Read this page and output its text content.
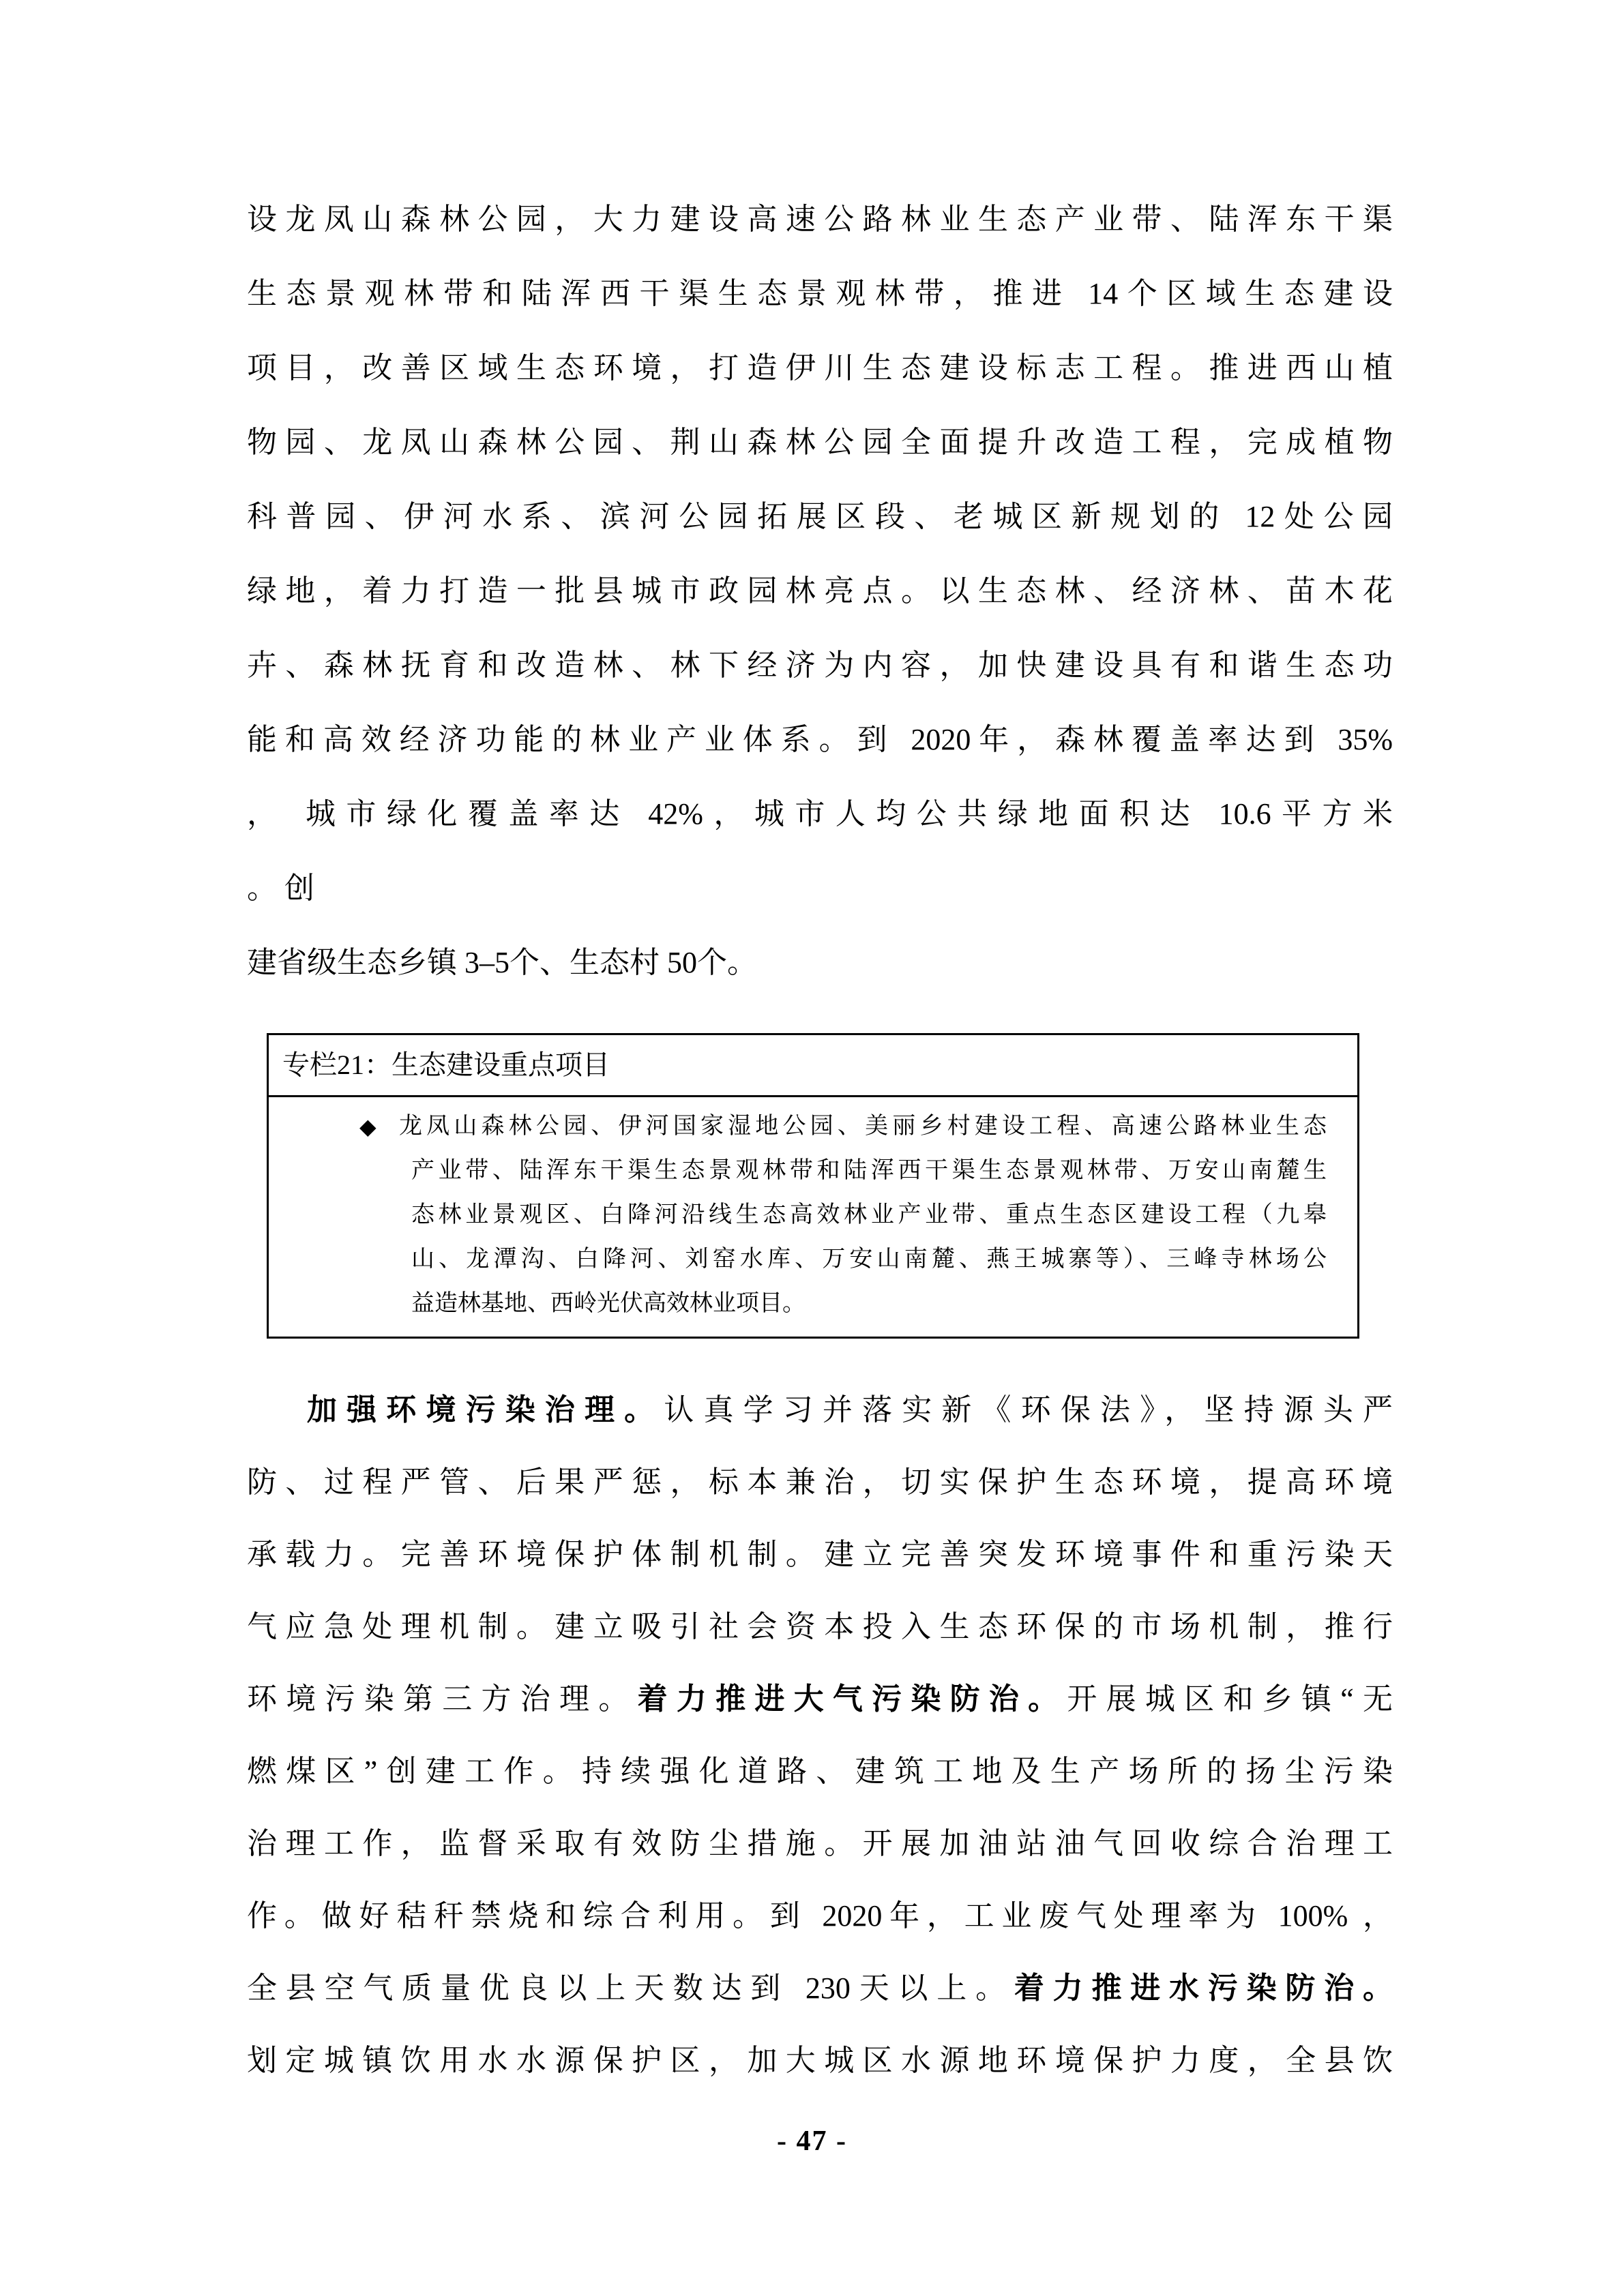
设龙凤山森林公园，大力建设高速公路林业生态产业带、陆浑东干渠
生态景观林带和陆浑西干渠生态景观林带，推进 14个区域生态建设
项目，改善区域生态环境，打造伊川生态建设标志工程。推进西山植
物园、龙凤山森林公园、荆山森林公园全面提升改造工程，完成植物
科普园、伊河水系、滨河公园拓展区段、老城区新规划的 12处公园
绿地，着力打造一批县城市政园林亮点。以生态林、经济林、苗木花
卉、森林抚育和改造林、林下经济为内容，加快建设具有和谐生态功
能和高效经济功能的林业产业体系。到 2020年，森林覆盖率达到 35%
， 城市绿化覆盖率达 42%，城市人均公共绿地面积达 10.6平方米
。 创
建省级生态乡镇 3–5个、生态村 50个。
专栏21：生态建设重点项目
◆ 龙凤山森林公园、伊河国家湿地公园、美丽乡村建设工程、高速公路林业生态
产业带、陆浑东干渠生态景观林带和陆浑西干渠生态景观林带、万安山南麓生
态林业景观区、白降河沿线生态高效林业产业带、重点生态区建设工程（九皋
山、龙潭沟、白降河、刘窑水库、万安山南麓、燕王城寨等）、三峰寺林场公
益造林基地、西岭光伏高效林业项目。
加强环境污染治理。认真学习并落实新《环保法》，坚持源头严
防、过程严管、后果严惩，标本兼治，切实保护生态环境，提高环境
承载力。完善环境保护体制机制。建立完善突发环境事件和重污染天
气应急处理机制。建立吸引社会资本投入生态环保的市场机制，推行
环境污染第三方治理。着力推进大气污染防治。开展城区和乡镇“无
燃煤区”创建工作。持续强化道路、建筑工地及生产场所的扬尘污染
治理工作，监督采取有效防尘措施。开展加油站油气回收综合治理工
作。做好秸秆禁烧和综合利用。到 2020年，工业废气处理率为 100% ，
全县空气质量优良以上天数达到 230天以上。着力推进水污染防治。
划定城镇饮用水水源保护区，加大城区水源地环境保护力度，全县饮
- 47 -
